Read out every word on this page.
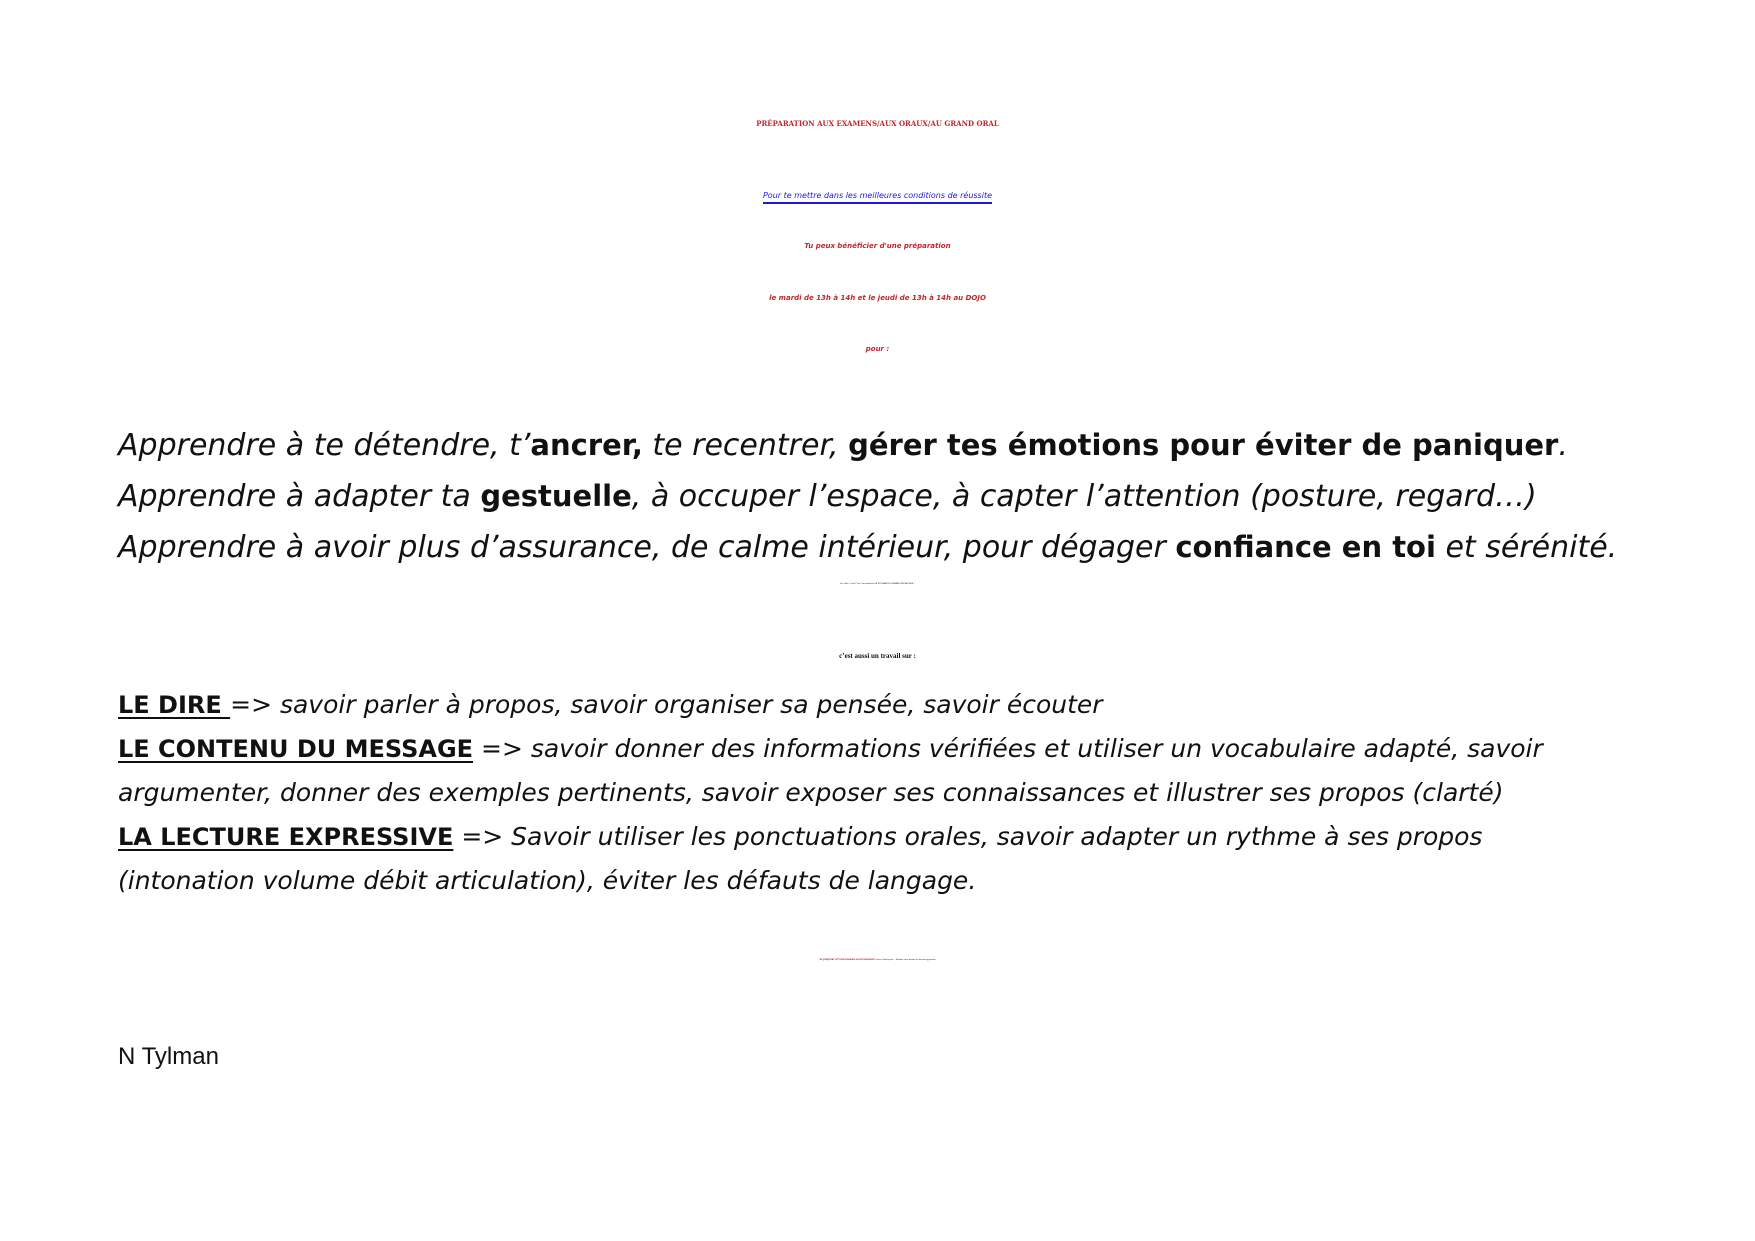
PRÉPARATION AUX EXAMENS/AUX ORAUX/AU GRAND ORAL
Pour te mettre dans les meilleures conditions de réussite
Tu peux bénéficier d'une préparation
le mardi de 13h à 14h et le jeudi de 13h à 14h au DOJO
pour :
Apprendre à te détendre, t’ancrer, te recentrer, gérer tes émotions pour éviter de paniquer.
Apprendre à adapter ta gestuelle, à occuper l’espace, à capter l’attention (posture, regard…)
Apprendre à avoir plus d’assurance, de calme intérieur, pour dégager confiance en toi et sérénité.
En effet, l’oral C’est l’acceptation DE SOI DANS LE REGARD DES AUTRES !
c’est aussi un travail sur :
LE DIRE => savoir parler à propos, savoir organiser sa pensée, savoir écouter
LE CONTENU DU MESSAGE => savoir donner des informations vérifiées et utiliser un vocabulaire adapté, savoir
argumenter, donner des exemples pertinents, savoir exposer ses connaissances et illustrer ses propos (clarté)
LA LECTURE EXPRESSIVE => Savoir utiliser les ponctuations orales, savoir adapter un rythme à ses propos
(intonation volume débit articulation), éviter les défauts de langage.
Se préparer à l’oral DEMANDE UN ENTRAÎNEMENT, alors n’hésite pas…. Rendez vous devant le nouveau gymnase
N Tylman
